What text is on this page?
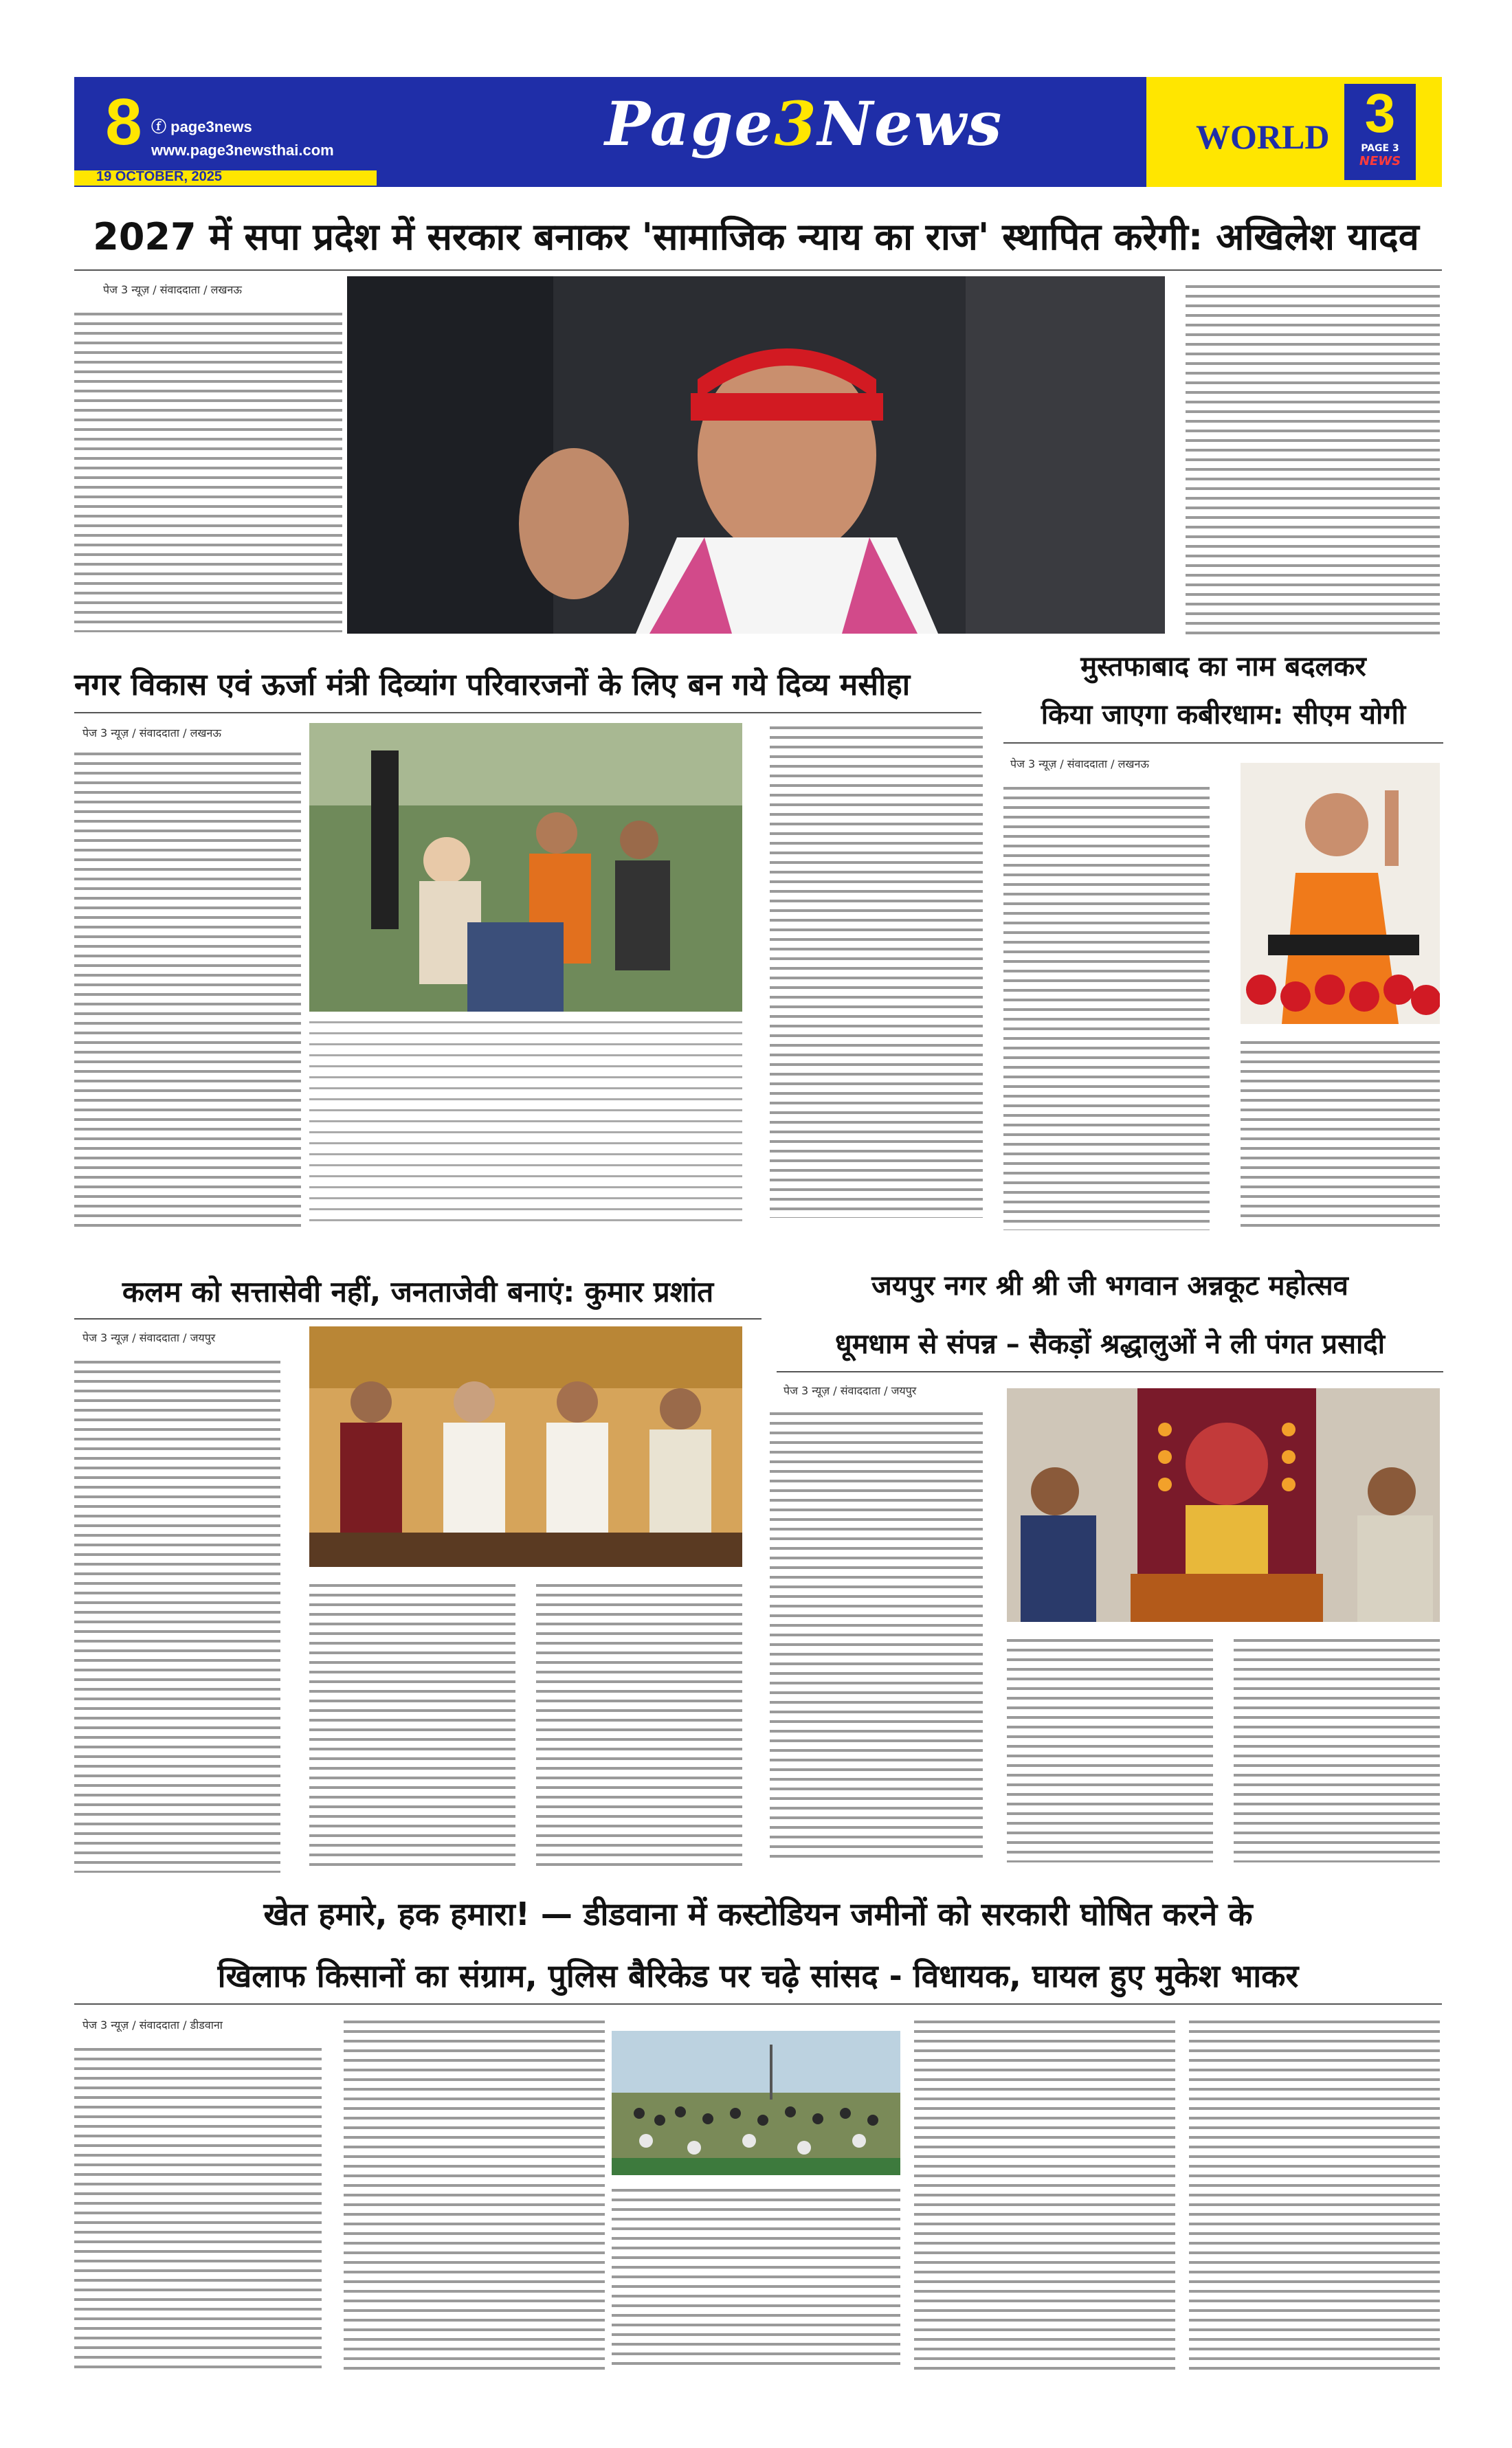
8 ⓕ page3news
www.page3newsthai.com
19 OCTOBER, 2025
Page3News	WORLD 3
PAGE 3
NEWS
2027 में सपा प्रदेश में सरकार बनाकर 'सामाजिक न्याय का राज' स्थापित करेगी: अखिलेश यादव
पेज 3 न्यूज़ / संवाददाता / लखनऊ
नगर विकास एवं ऊर्जा मंत्री दिव्यांग परिवारजनों के लिए बन गये दिव्य मसीहा
पेज 3 न्यूज़ / संवाददाता / लखनऊ
मुस्तफाबाद का नाम बदलकर
किया जाएगा कबीरधाम: सीएम योगी
पेज 3 न्यूज़ / संवाददाता / लखनऊ
कलम को सत्तासेवी नहीं, जनताजेवी बनाएं: कुमार प्रशांत
पेज 3 न्यूज़ / संवाददाता / जयपुर
जयपुर नगर श्री श्री जी भगवान अन्नकूट महोत्सव
धूमधाम से संपन्न – सैकड़ों श्रद्धालुओं ने ली पंगत प्रसादी
पेज 3 न्यूज़ / संवाददाता / जयपुर
खेत हमारे, हक हमारा! — डीडवाना में कस्टोडियन जमीनों को सरकारी घोषित करने के
खिलाफ किसानों का संग्राम, पुलिस बैरिकेड पर चढ़े सांसद - विधायक, घायल हुए मुकेश भाकर
पेज 3 न्यूज़ / संवाददाता / डीडवाना
